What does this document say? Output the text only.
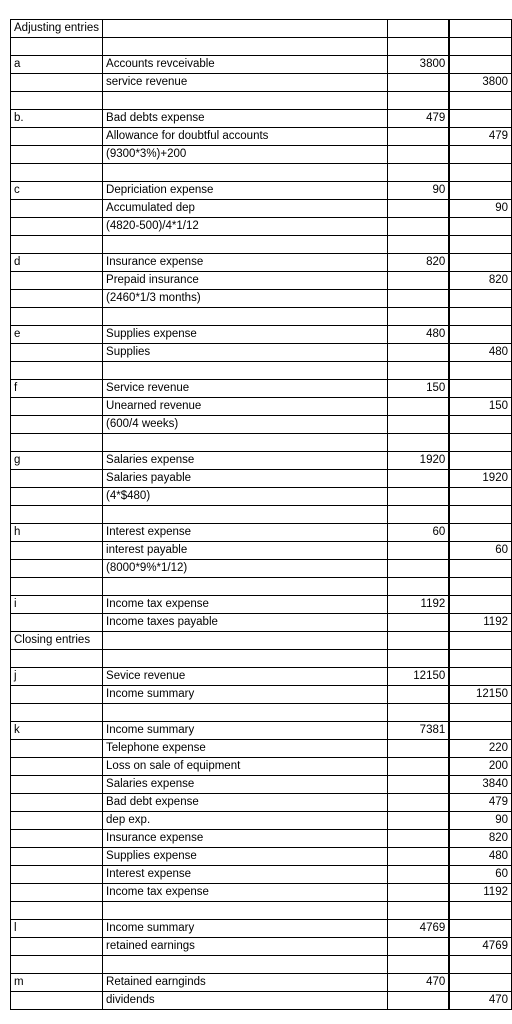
Adjusting entries				

a	Accounts revceivable	3800		
	service revenue			3800

b.	Bad debts expense	479		
	Allowance for doubtful accounts			479
	(9300*3%)+200			

c	Depriciation expense	90		
	Accumulated dep			90
	(4820-500)/4*1/12			

d	Insurance expense	820		
	Prepaid insurance			820
	(2460*1/3 months)			

e	Supplies expense	480		
	Supplies			480

f	Service revenue	150		
	Unearned revenue			150
	(600/4 weeks)			

g	Salaries expense	1920		
	Salaries payable			1920
	(4*$480)			

h	Interest expense	60		
	interest payable			60
	(8000*9%*1/12)			

i	Income tax expense	1192		
	Income taxes payable			1192
Closing entries				

j	Sevice revenue	12150		
	Income summary			12150

k	Income summary	7381		
	Telephone expense			220
	Loss on sale of equipment			200
	Salaries expense			3840
	Bad debt expense			479
	dep exp.			90
	Insurance expense			820
	Supplies expense			480
	Interest expense			60
	Income tax expense			1192

l	Income summary	4769		
	retained earnings			4769

m	Retained earnginds	470		
	dividends			470
